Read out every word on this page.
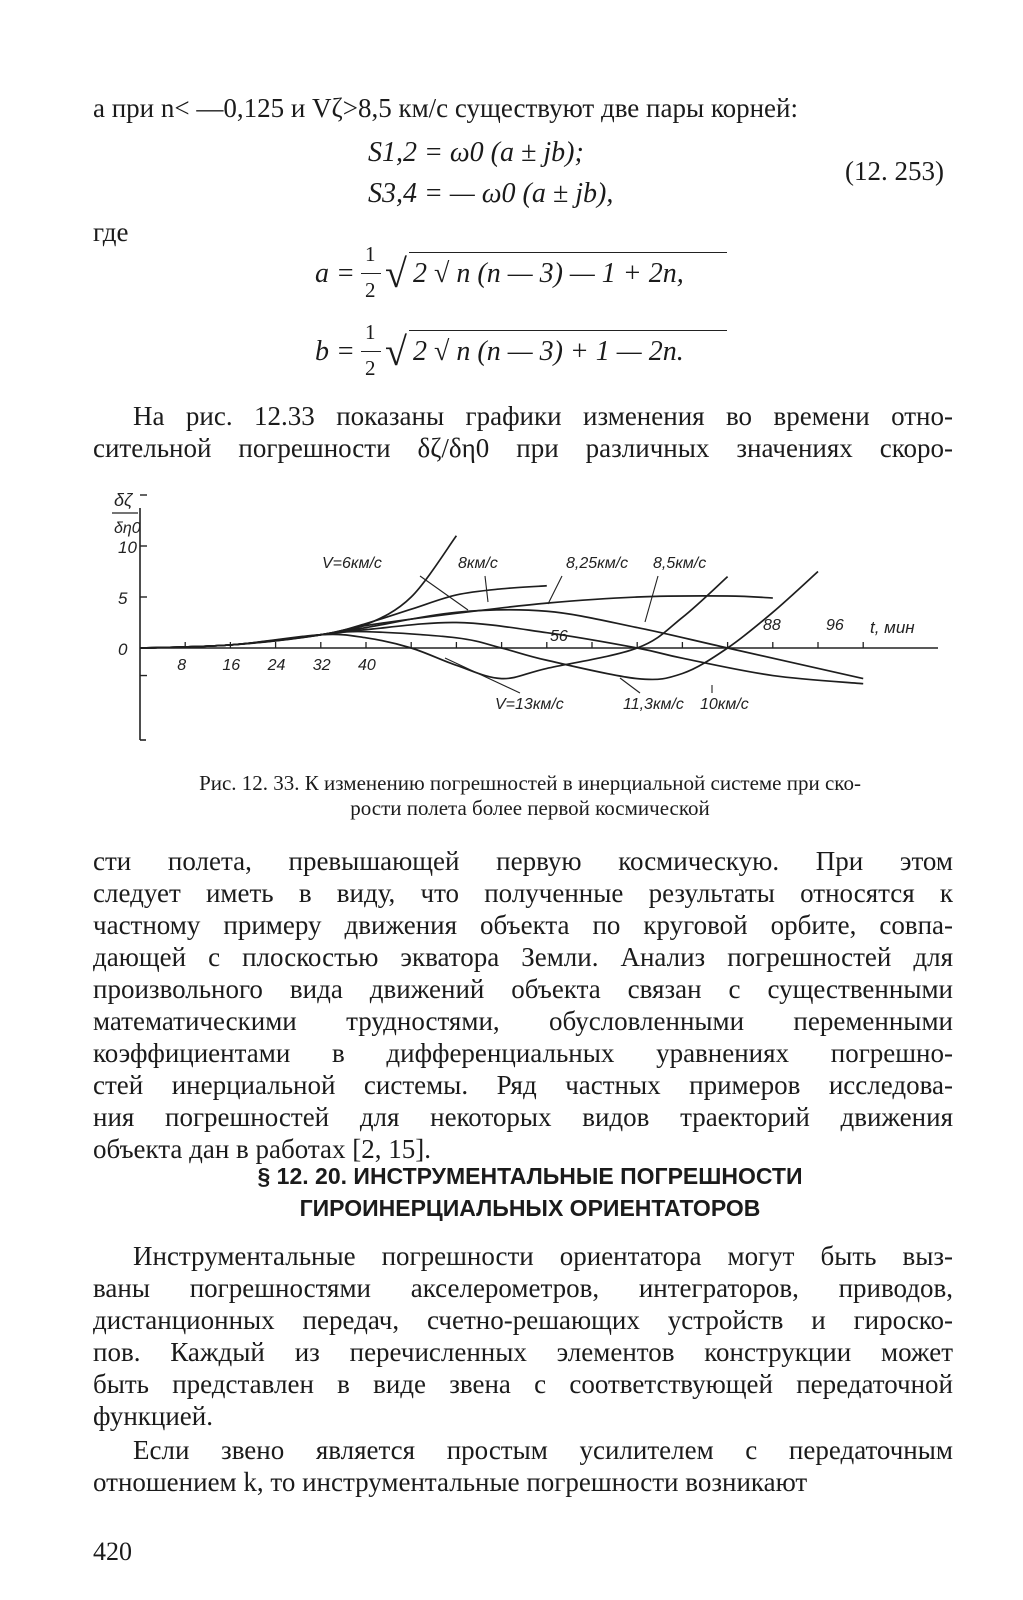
а при n< —0,125 и Vζ>8,5 км/с существуют две пары корней:
S1,2 = ω0 (a ± jb);
S3,4 = — ω0 (a ± jb),
(12. 253)
где
a =
1
2 √ 2 √ n (n — 3) — 1 + 2n,
b =
1
2 √ 2 √ n (n — 3) + 1 — 2n.
На рис. 12.33 показаны графики изменения во времени отно-
сительной погрешности δζ/δη0 при различных значениях скоро-
10
5
0
δζ
δη0
8 16 24 32 40
t, мин
V=6км/с	8км/с	8,25км/с 8,5км/с
V=13км/с	11,3км/с 10км/с
56
88	96
Рис. 12. 33. К изменению погрешностей в инерциальной системе при ско-
рости полета более первой космической
сти полета, превышающей первую космическую. При этом
следует иметь в виду, что полученные результаты относятся к
частному примеру движения объекта по круговой орбите, совпа-
дающей с плоскостью экватора Земли. Анализ погрешностей для
произвольного вида движений объекта связан с существенными
математическими трудностями, обусловленными переменными
коэффициентами в дифференциальных уравнениях погрешно-
стей инерциальной системы. Ряд частных примеров исследова-
ния погрешностей для некоторых видов траекторий движения
объекта дан в работах [2, 15].
§ 12. 20. ИНСТРУМЕНТАЛЬНЫЕ ПОГРЕШНОСТИ
ГИРОИНЕРЦИАЛЬНЫХ ОРИЕНТАТОРОВ
Инструментальные погрешности ориентатора могут быть выз-
ваны погрешностями акселерометров, интеграторов, приводов,
дистанционных передач, счетно-решающих устройств и гироско-
пов. Каждый из перечисленных элементов конструкции может
быть представлен в виде звена с соответствующей передаточной
функцией.
Если звено является простым усилителем с передаточным
отношением k, то инструментальные погрешности возникают
420
